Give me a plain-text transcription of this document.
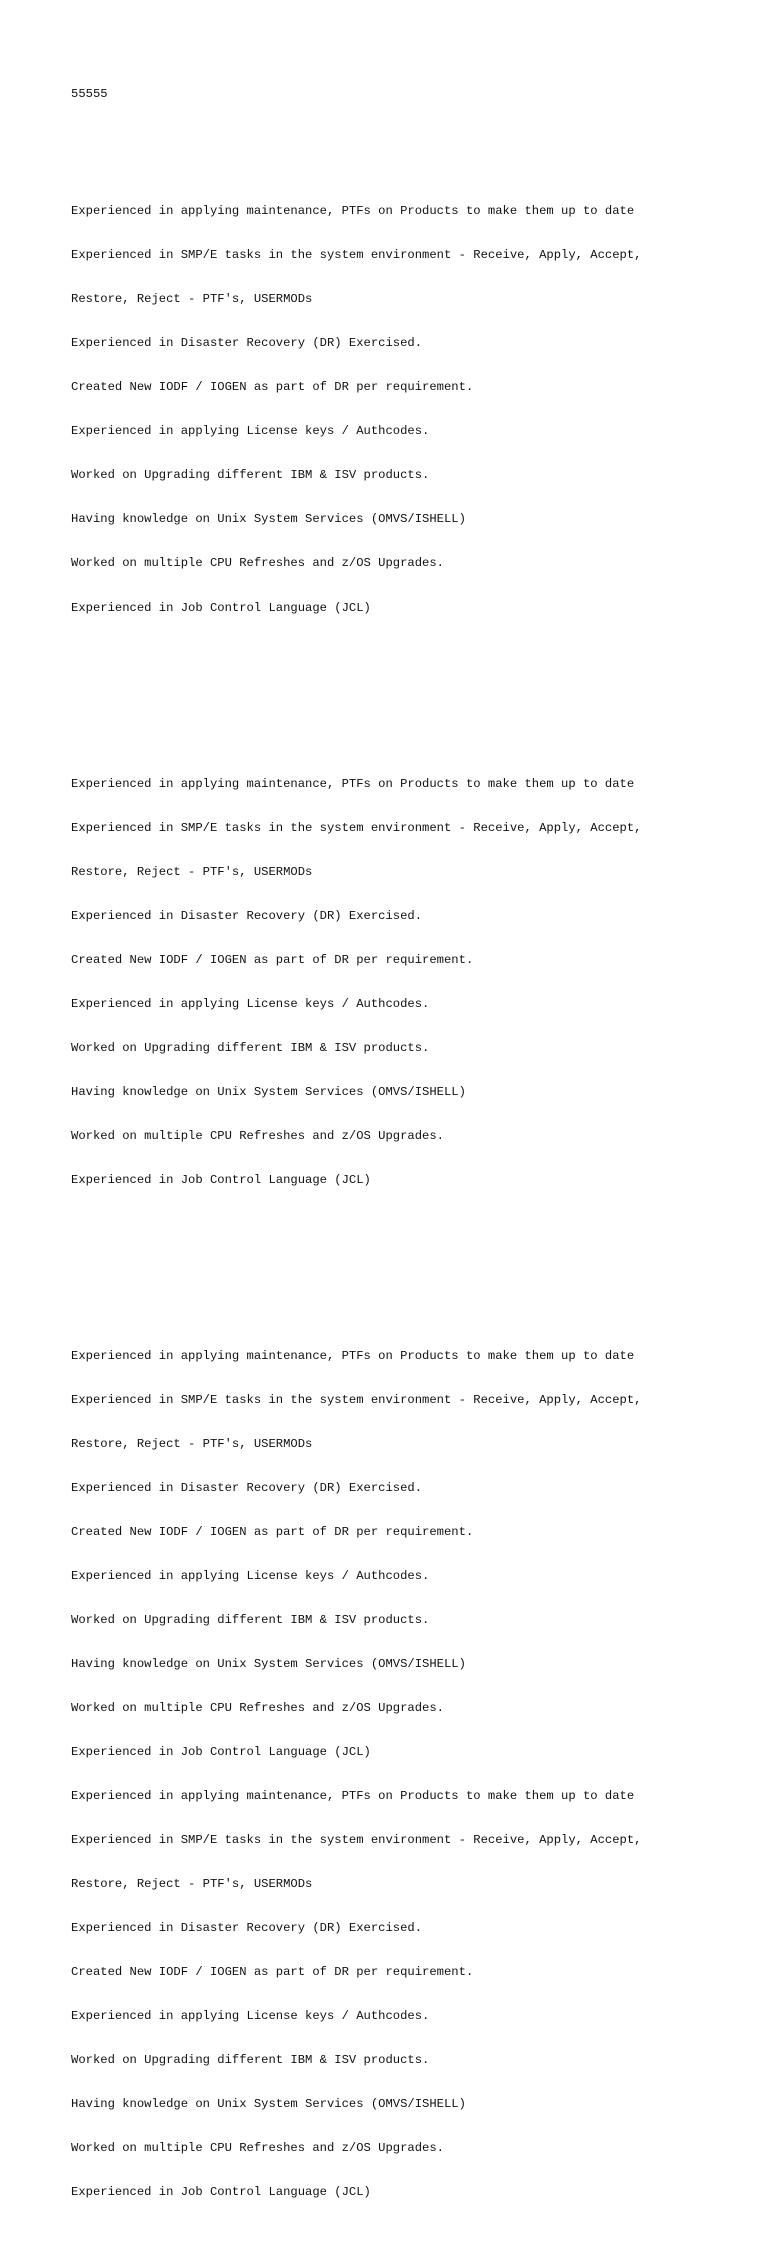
55555

Experienced in applying maintenance, PTFs on Products to make them up to date

Experienced in SMP/E tasks in the system environment - Receive, Apply, Accept,

Restore, Reject - PTF's, USERMODs

Experienced in Disaster Recovery (DR) Exercised.

Created New IODF / IOGEN as part of DR per requirement.

Experienced in applying License keys / Authcodes.

Worked on Upgrading different IBM & ISV products.

Having knowledge on Unix System Services (OMVS/ISHELL)

Worked on multiple CPU Refreshes and z/OS Upgrades.

Experienced in Job Control Language (JCL)

Experienced in applying maintenance, PTFs on Products to make them up to date

Experienced in SMP/E tasks in the system environment - Receive, Apply, Accept,

Restore, Reject - PTF's, USERMODs

Experienced in Disaster Recovery (DR) Exercised.

Created New IODF / IOGEN as part of DR per requirement.

Experienced in applying License keys / Authcodes.

Worked on Upgrading different IBM & ISV products.

Having knowledge on Unix System Services (OMVS/ISHELL)

Worked on multiple CPU Refreshes and z/OS Upgrades.

Experienced in Job Control Language (JCL)

Experienced in applying maintenance, PTFs on Products to make them up to date

Experienced in SMP/E tasks in the system environment - Receive, Apply, Accept,

Restore, Reject - PTF's, USERMODs

Experienced in Disaster Recovery (DR) Exercised.

Created New IODF / IOGEN as part of DR per requirement.

Experienced in applying License keys / Authcodes.

Worked on Upgrading different IBM & ISV products.

Having knowledge on Unix System Services (OMVS/ISHELL)

Worked on multiple CPU Refreshes and z/OS Upgrades.

Experienced in Job Control Language (JCL)

Experienced in applying maintenance, PTFs on Products to make them up to date

Experienced in SMP/E tasks in the system environment - Receive, Apply, Accept,

Restore, Reject - PTF's, USERMODs

Experienced in Disaster Recovery (DR) Exercised.

Created New IODF / IOGEN as part of DR per requirement.

Experienced in applying License keys / Authcodes.

Worked on Upgrading different IBM & ISV products.

Having knowledge on Unix System Services (OMVS/ISHELL)

Worked on multiple CPU Refreshes and z/OS Upgrades.

Experienced in Job Control Language (JCL)
